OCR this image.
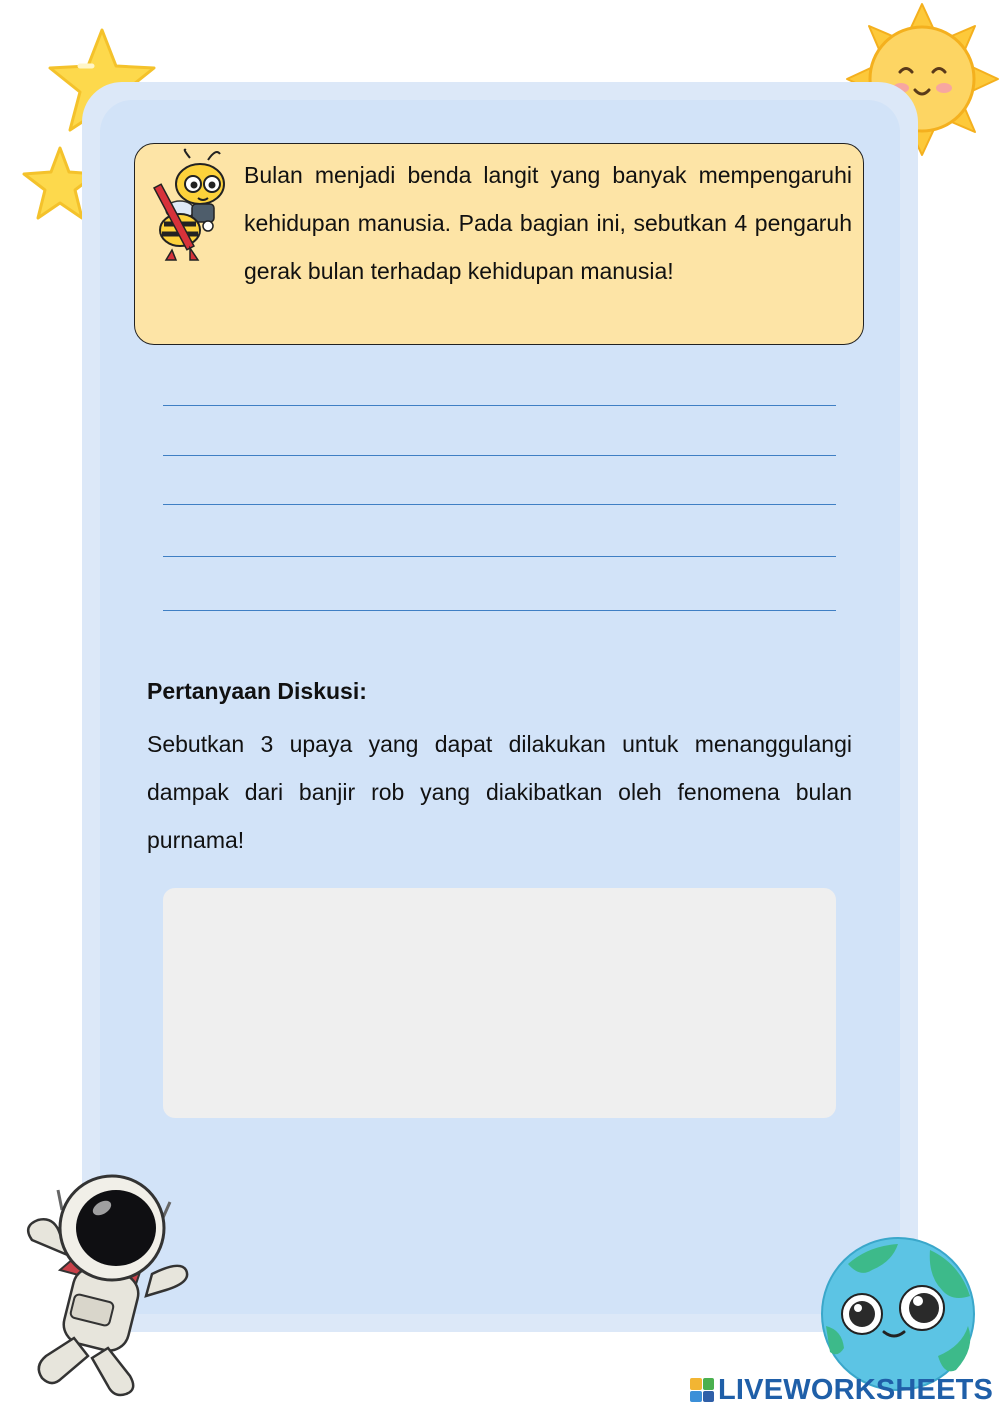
Bulan menjadi benda langit yang banyak mempengaruhi kehidupan manusia. Pada bagian ini, sebutkan 4 pengaruh gerak bulan terhadap kehidupan manusia!

Pertanyaan Diskusi:

Sebutkan 3 upaya yang dapat dilakukan untuk menanggulangi dampak dari banjir rob yang diakibatkan oleh fenomena bulan purnama!

LIVEWORKSHEETS
